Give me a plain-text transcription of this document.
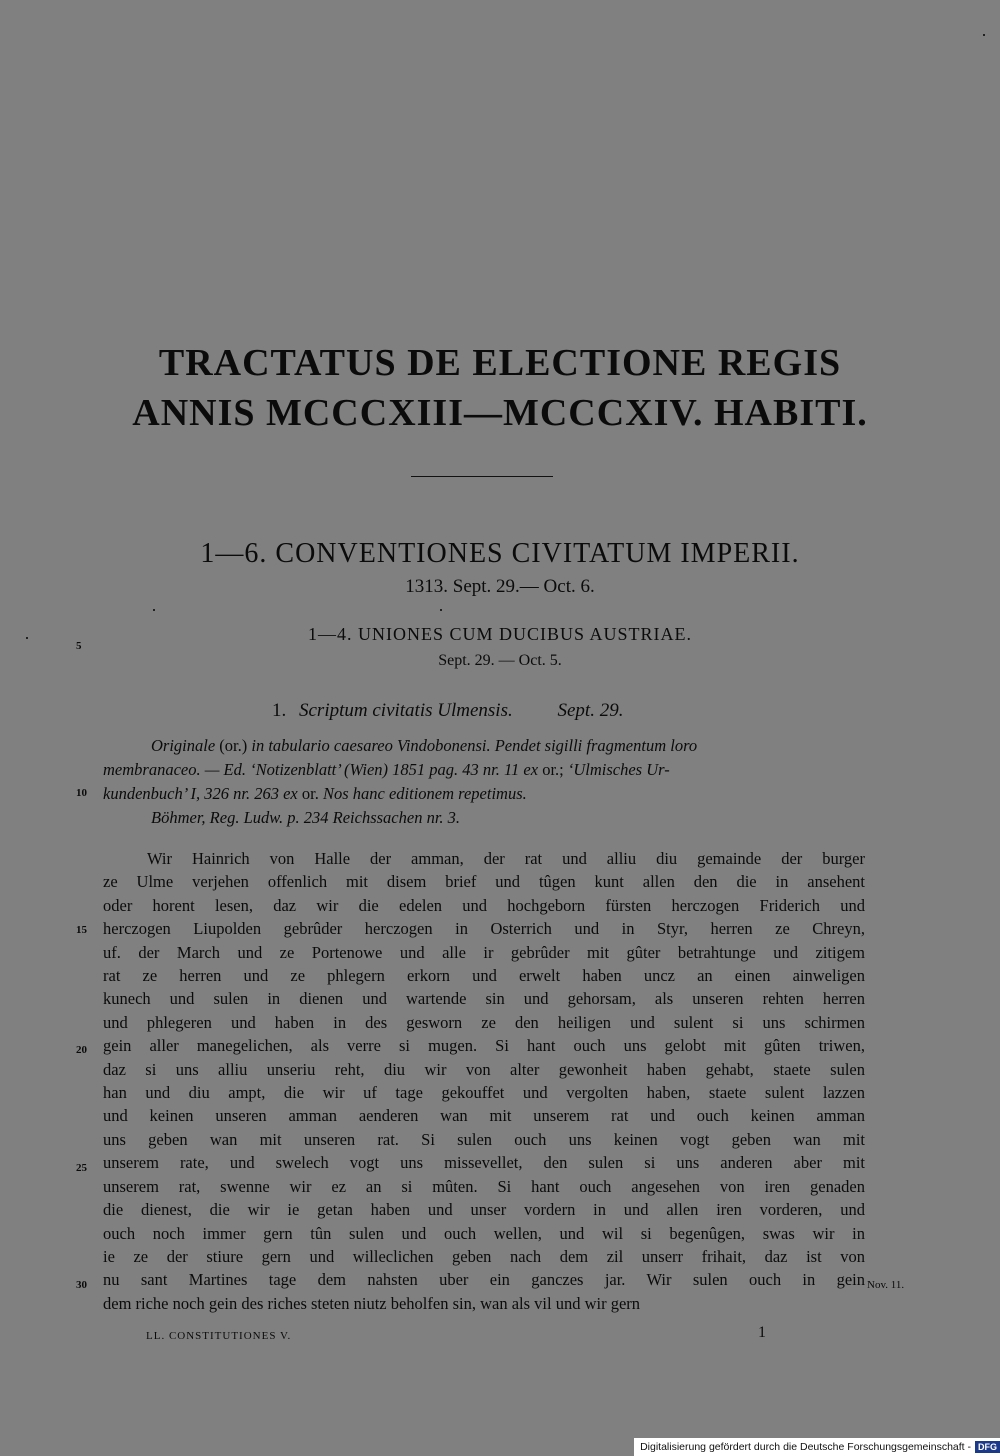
TRACTATUS DE ELECTIONE REGIS
ANNIS MCCCXIII—MCCCXIV. HABITI.
1—6. CONVENTIONES CIVITATUM IMPERII.
1313. Sept. 29.— Oct. 6.
5
1—4. UNIONES CUM DUCIBUS AUSTRIAE.
Sept. 29. — Oct. 5.
1. Scriptum civitatis Ulmensis. Sept. 29.
Originale (or.) in tabulario caesareo Vindobonensi. Pendet sigilli fragmentum loro
membranaceo. — Ed. ‘Notizenblatt’ (Wien) 1851 pag. 43 nr. 11 ex or.; ‘Ulmisches Ur-
kundenbuch’ I, 326 nr. 263 ex or. Nos hanc editionem repetimus.
Böhmer, Reg. Ludw. p. 234 Reichssachen nr. 3.
10
Wir Hainrich von Halle der amman, der rat und alliu diu gemainde der burger
ze Ulme verjehen offenlich mit disem brief und tûgen kunt allen den die in ansehent
oder horent lesen, daz wir die edelen und hochgeborn fürsten herczogen Friderich und
herczogen Liupolden gebrûder herczogen in Osterrich und in Styr, herren ze Chreyn,
uf. der March und ze Portenowe und alle ir gebrûder mit gûter betrahtunge und zitigem
rat ze herren und ze phlegern erkorn und erwelt haben uncz an einen ainweligen
kunech und sulen in dienen und wartende sin und gehorsam, als unseren rehten herren
und phlegeren und haben in des gesworn ze den heiligen und sulent si uns schirmen
gein aller manegelichen, als verre si mugen. Si hant ouch uns gelobt mit gûten triwen,
daz si uns alliu unseriu reht, diu wir von alter gewonheit haben gehabt, staete sulen
han und diu ampt, die wir uf tage gekouffet und vergolten haben, staete sulent lazzen
und keinen unseren amman aenderen wan mit unserem rat und ouch keinen amman
uns geben wan mit unseren rat. Si sulen ouch uns keinen vogt geben wan mit
unserem rate, und swelech vogt uns missevellet, den sulen si uns anderen aber mit
unserem rat, swenne wir ez an si mûten. Si hant ouch angesehen von iren genaden
die dienest, die wir ie getan haben und unser vordern in und allen iren vorderen, und
ouch noch immer gern tûn sulen und ouch wellen, und wil si begenûgen, swas wir in
ie ze der stiure gern und willeclichen geben nach dem zil unserr frihait, daz ist von
nu sant Martines tage dem nahsten uber ein ganczes jar. Wir sulen ouch in gein
dem riche noch gein des riches steten niutz beholfen sin, wan als vil und wir gern
15
20
25
30	Nov. 11.
LL. CONSTITUTIONES V.	1
Digitalisierung gefördert durch die Deutsche Forschungsgemeinschaft - DFG
